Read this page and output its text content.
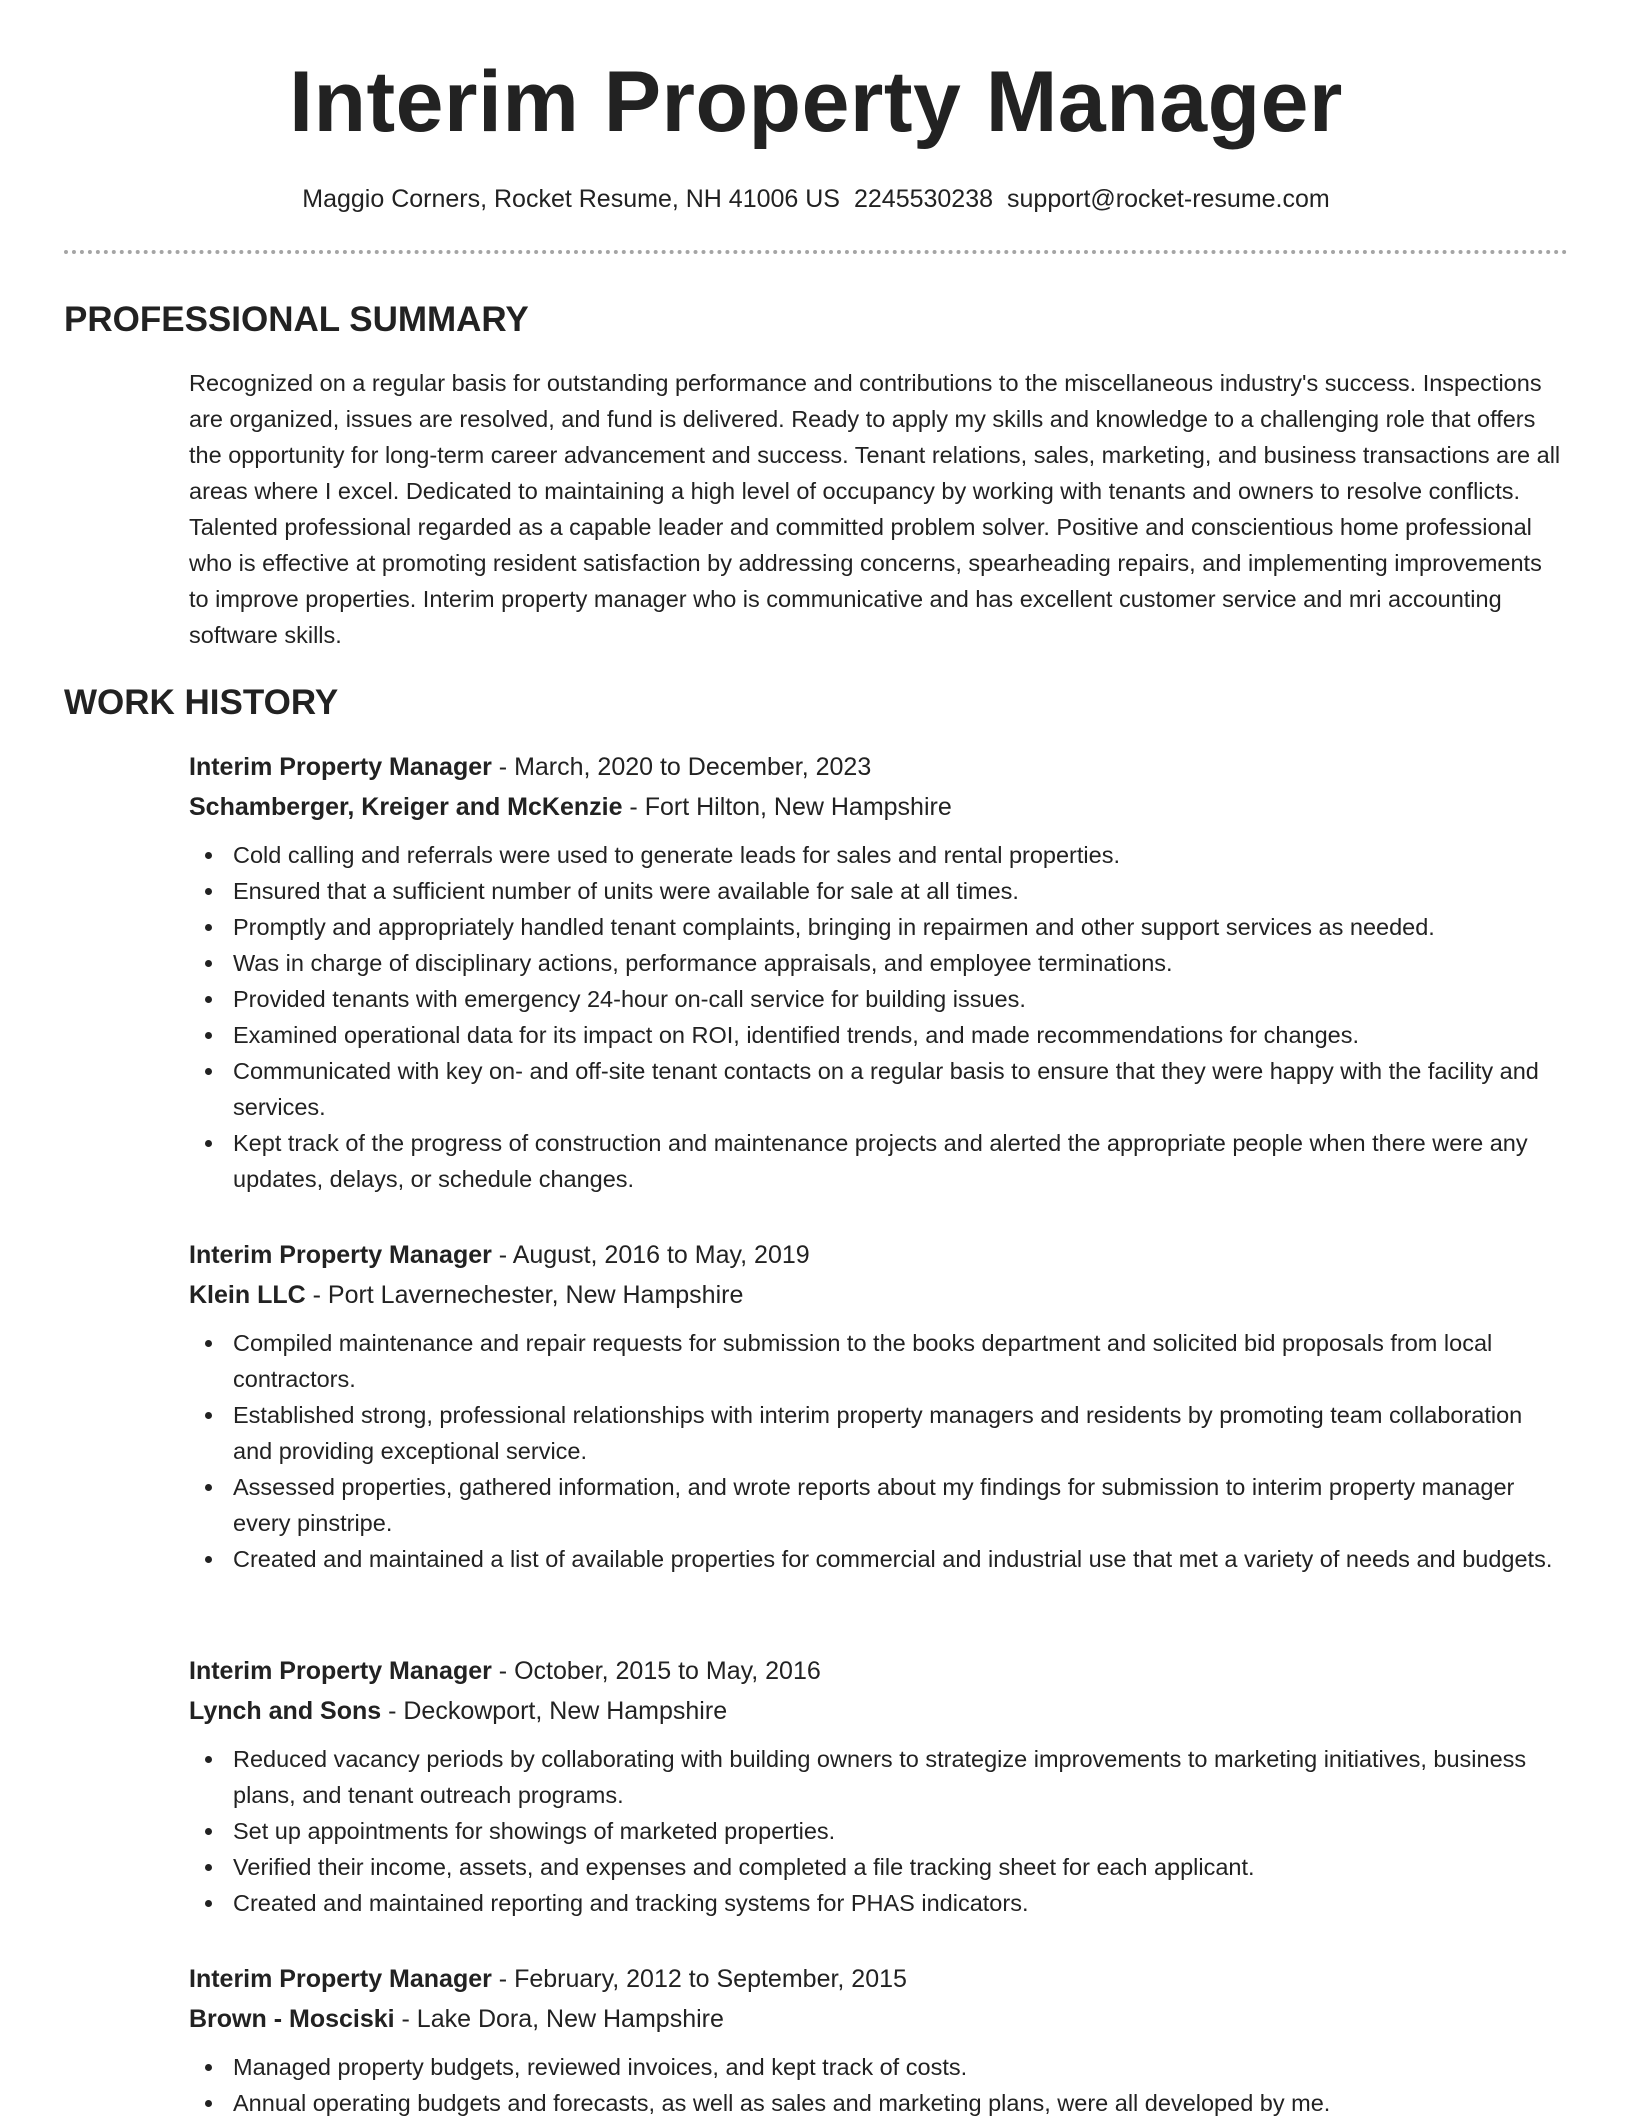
Interim Property Manager
Maggio Corners, Rocket Resume, NH 41006 US 2245530238 support@rocket-resume.com
PROFESSIONAL SUMMARY

Recognized on a regular basis for outstanding performance and contributions to the miscellaneous industry's success. Inspections are organized, issues are resolved, and fund is delivered. Ready to apply my skills and knowledge to a challenging role that offers the opportunity for long-term career advancement and success. Tenant relations, sales, marketing, and business transactions are all areas where I excel. Dedicated to maintaining a high level of occupancy by working with tenants and owners to resolve conflicts. Talented professional regarded as a capable leader and committed problem solver. Positive and conscientious home professional who is effective at promoting resident satisfaction by addressing concerns, spearheading repairs, and implementing improvements to improve properties. Interim property manager who is communicative and has excellent customer service and mri accounting software skills.

WORK HISTORY
Interim Property Manager - March, 2020 to December, 2023
Schamberger, Kreiger and McKenzie - Fort Hilton, New Hampshire
Cold calling and referrals were used to generate leads for sales and rental properties.
Ensured that a sufficient number of units were available for sale at all times.
Promptly and appropriately handled tenant complaints, bringing in repairmen and other support services as needed.
Was in charge of disciplinary actions, performance appraisals, and employee terminations.
Provided tenants with emergency 24-hour on-call service for building issues.
Examined operational data for its impact on ROI, identified trends, and made recommendations for changes.
Communicated with key on- and off-site tenant contacts on a regular basis to ensure that they were happy with the facility and services.
Kept track of the progress of construction and maintenance projects and alerted the appropriate people when there were any updates, delays, or schedule changes.
Interim Property Manager - August, 2016 to May, 2019
Klein LLC - Port Lavernechester, New Hampshire
Compiled maintenance and repair requests for submission to the books department and solicited bid proposals from local contractors.
Established strong, professional relationships with interim property managers and residents by promoting team collaboration and providing exceptional service.
Assessed properties, gathered information, and wrote reports about my findings for submission to interim property manager every pinstripe.
Created and maintained a list of available properties for commercial and industrial use that met a variety of needs and budgets.
Interim Property Manager - October, 2015 to May, 2016
Lynch and Sons - Deckowport, New Hampshire
Reduced vacancy periods by collaborating with building owners to strategize improvements to marketing initiatives, business plans, and tenant outreach programs.
Set up appointments for showings of marketed properties.
Verified their income, assets, and expenses and completed a file tracking sheet for each applicant.
Created and maintained reporting and tracking systems for PHAS indicators.
Interim Property Manager - February, 2012 to September, 2015
Brown - Mosciski - Lake Dora, New Hampshire
Managed property budgets, reviewed invoices, and kept track of costs.
Annual operating budgets and forecasts, as well as sales and marketing plans, were all developed by me.
